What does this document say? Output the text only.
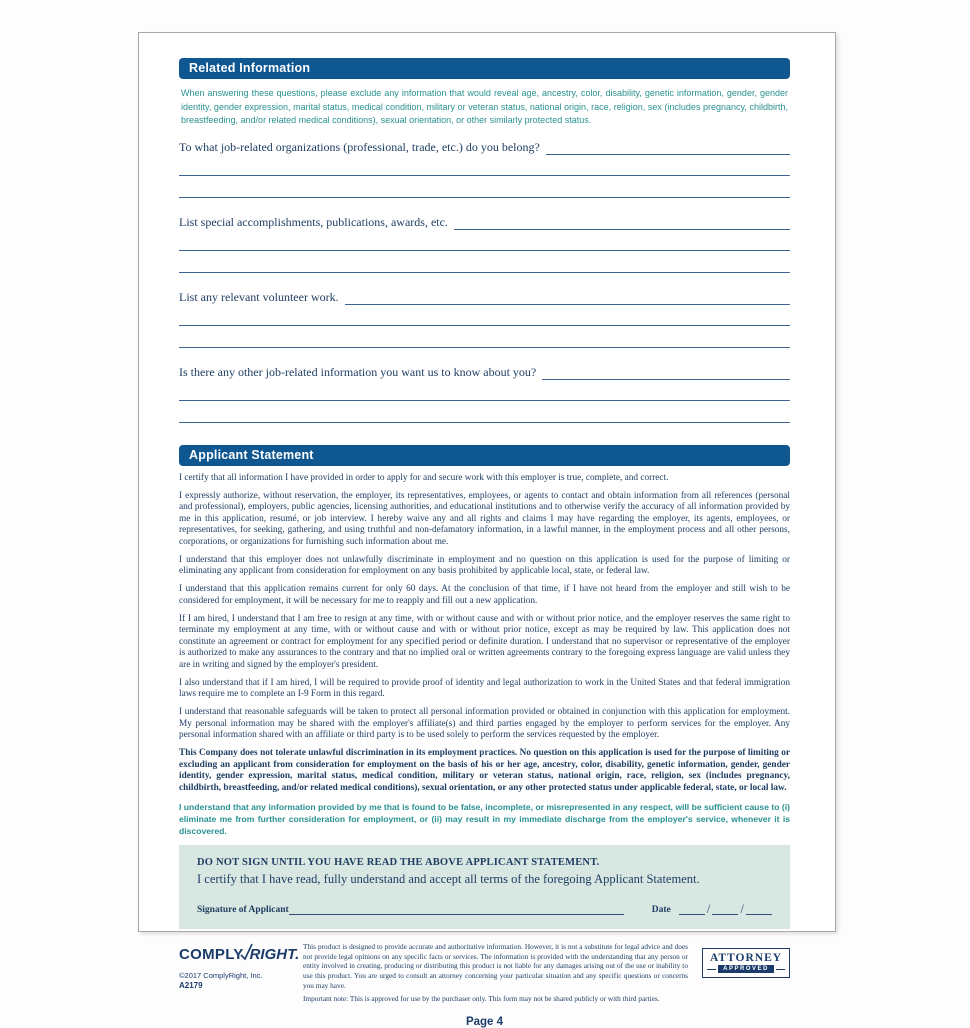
Related Information
When answering these questions, please exclude any information that would reveal age, ancestry, color, disability, genetic information, gender, gender identity, gender expression, marital status, medical condition, military or veteran status, national origin, race, religion, sex (includes pregnancy, childbirth, breastfeeding, and/or related medical conditions), sexual orientation, or other similarly protected status.
To what job-related organizations (professional, trade, etc.) do you belong?
List special accomplishments, publications, awards, etc.
List any relevant volunteer work.
Is there any other job-related information you want us to know about you?
Applicant Statement

I certify that all information I have provided in order to apply for and secure work with this employer is true, complete, and correct.

I expressly authorize, without reservation, the employer, its representatives, employees, or agents to contact and obtain information from all references (personal and professional), employers, public agencies, licensing authorities, and educational institutions and to otherwise verify the accuracy of all information provided by me in this application, resumé, or job interview. I hereby waive any and all rights and claims I may have regarding the employer, its agents, employees, or representatives, for seeking, gathering, and using truthful and non-defamatory information, in a lawful manner, in the employment process and all other persons, corporations, or organizations for furnishing such information about me.

I understand that this employer does not unlawfully discriminate in employment and no question on this application is used for the purpose of limiting or eliminating any applicant from consideration for employment on any basis prohibited by applicable local, state, or federal law.

I understand that this application remains current for only 60 days. At the conclusion of that time, if I have not heard from the employer and still wish to be considered for employment, it will be necessary for me to reapply and fill out a new application.

If I am hired, I understand that I am free to resign at any time, with or without cause and with or without prior notice, and the employer reserves the same right to terminate my employment at any time, with or without cause and with or without prior notice, except as may be required by law. This application does not constitute an agreement or contract for employment for any specified period or definite duration. I understand that no supervisor or representative of the employer is authorized to make any assurances to the contrary and that no implied oral or written agreements contrary to the foregoing express language are valid unless they are in writing and signed by the employer's president.

I also understand that if I am hired, I will be required to provide proof of identity and legal authorization to work in the United States and that federal immigration laws require me to complete an I-9 Form in this regard.

I understand that reasonable safeguards will be taken to protect all personal information provided or obtained in conjunction with this application for employment. My personal information may be shared with the employer's affiliate(s) and third parties engaged by the employer to perform services for the employer. Any personal information shared with an affiliate or third party is to be used solely to perform the services requested by the employer.

This Company does not tolerate unlawful discrimination in its employment practices. No question on this application is used for the purpose of limiting or excluding an applicant from consideration for employment on the basis of his or her age, ancestry, color, disability, genetic information, gender, gender identity, gender expression, marital status, medical condition, military or veteran status, national origin, race, religion, sex (includes pregnancy, childbirth, breastfeeding, and/or related medical conditions), sexual orientation, or any other protected status under applicable federal, state, or local law.

I understand that any information provided by me that is found to be false, incomplete, or misrepresented in any respect, will be sufficient cause to (i) eliminate me from further consideration for employment, or (ii) may result in my immediate discharge from the employer's service, whenever it is discovered.

DO NOT SIGN UNTIL YOU HAVE READ THE ABOVE APPLICANT STATEMENT.
I certify that I have read, fully understand and accept all terms of the foregoing Applicant Statement.
Signature of Applicant	Date	/ /
COMPLY RIGHT.
©2017 ComplyRight, Inc.
A2179
This product is designed to provide accurate and authoritative information. However, it is not a substitute for legal advice and does not provide legal opinions on any specific facts or services. The information is provided with the understanding that any person or entity involved in creating, producing or distributing this product is not liable for any damages arising out of the use or inability to use this product. You are urged to consult an attorney concerning your particular situation and any specific questions or concerns you may have.
Important note: This is approved for use by the purchaser only. This form may not be shared publicly or with third parties.
ATTORNEY
APPROVED
Page 4
